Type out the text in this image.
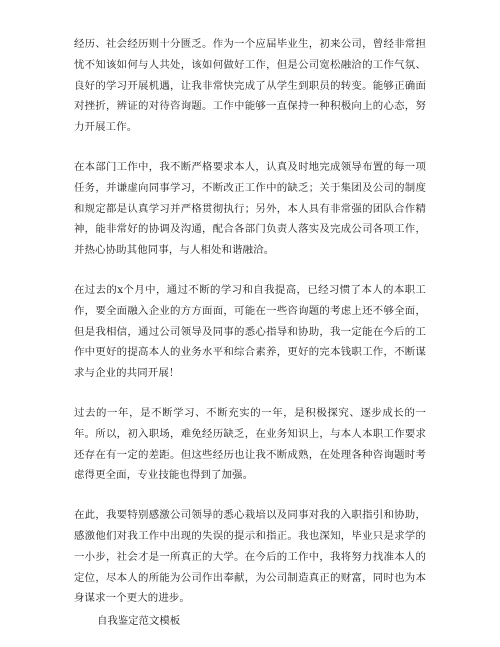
经历、社会经历则十分匮乏。作为一个应届毕业生，初来公司，曾经非常担忧不知该如何与人共处，该如何做好工作，但是公司宽松融洽的工作气氛、良好的学习开展机遇，让我非常快完成了从学生到职员的转变。能够正确面对挫折，辨证的对待咨询题。工作中能够一直保持一种积极向上的心态，努力开展工作。

在本部门工作中，我不断严格要求本人，认真及时地完成领导布置的每一项任务，并谦虚向同事学习，不断改正工作中的缺乏；关于集团及公司的制度和规定都是认真学习并严格贯彻执行；另外，本人具有非常强的团队合作精神，能非常好的协调及沟通，配合各部门负责人落实及完成公司各项工作，并热心协助其他同事，与人相处和谐融洽。

在过去的x个月中，通过不断的学习和自我提高，已经习惯了本人的本职工作，要全面融入企业的方方面面，可能在一些咨询题的考虑上还不够全面，但是我相信，通过公司领导及同事的悉心指导和协助，我一定能在今后的工作中更好的提高本人的业务水平和综合素养，更好的完本钱职工作，不断谋求与企业的共同开展！

过去的一年，是不断学习、不断充实的一年，是积极探究、逐步成长的一年。所以，初入职场，难免经历缺乏，在业务知识上，与本人本职工作要求还存在有一定的差距。但这些经历也让我不断成熟，在处理各种咨询题时考虑得更全面，专业技能也得到了加强。

在此，我要特别感激公司领导的悉心栽培以及同事对我的入职指引和协助，感激他们对我工作中出现的失误的提示和指正。我也深知，毕业只是求学的一小步，社会才是一所真正的大学。在今后的工作中，我将努力找准本人的定位，尽本人的所能为公司作出奉献，为公司制造真正的财富，同时也为本身谋求一个更大的进步。

自我鉴定范文模板
